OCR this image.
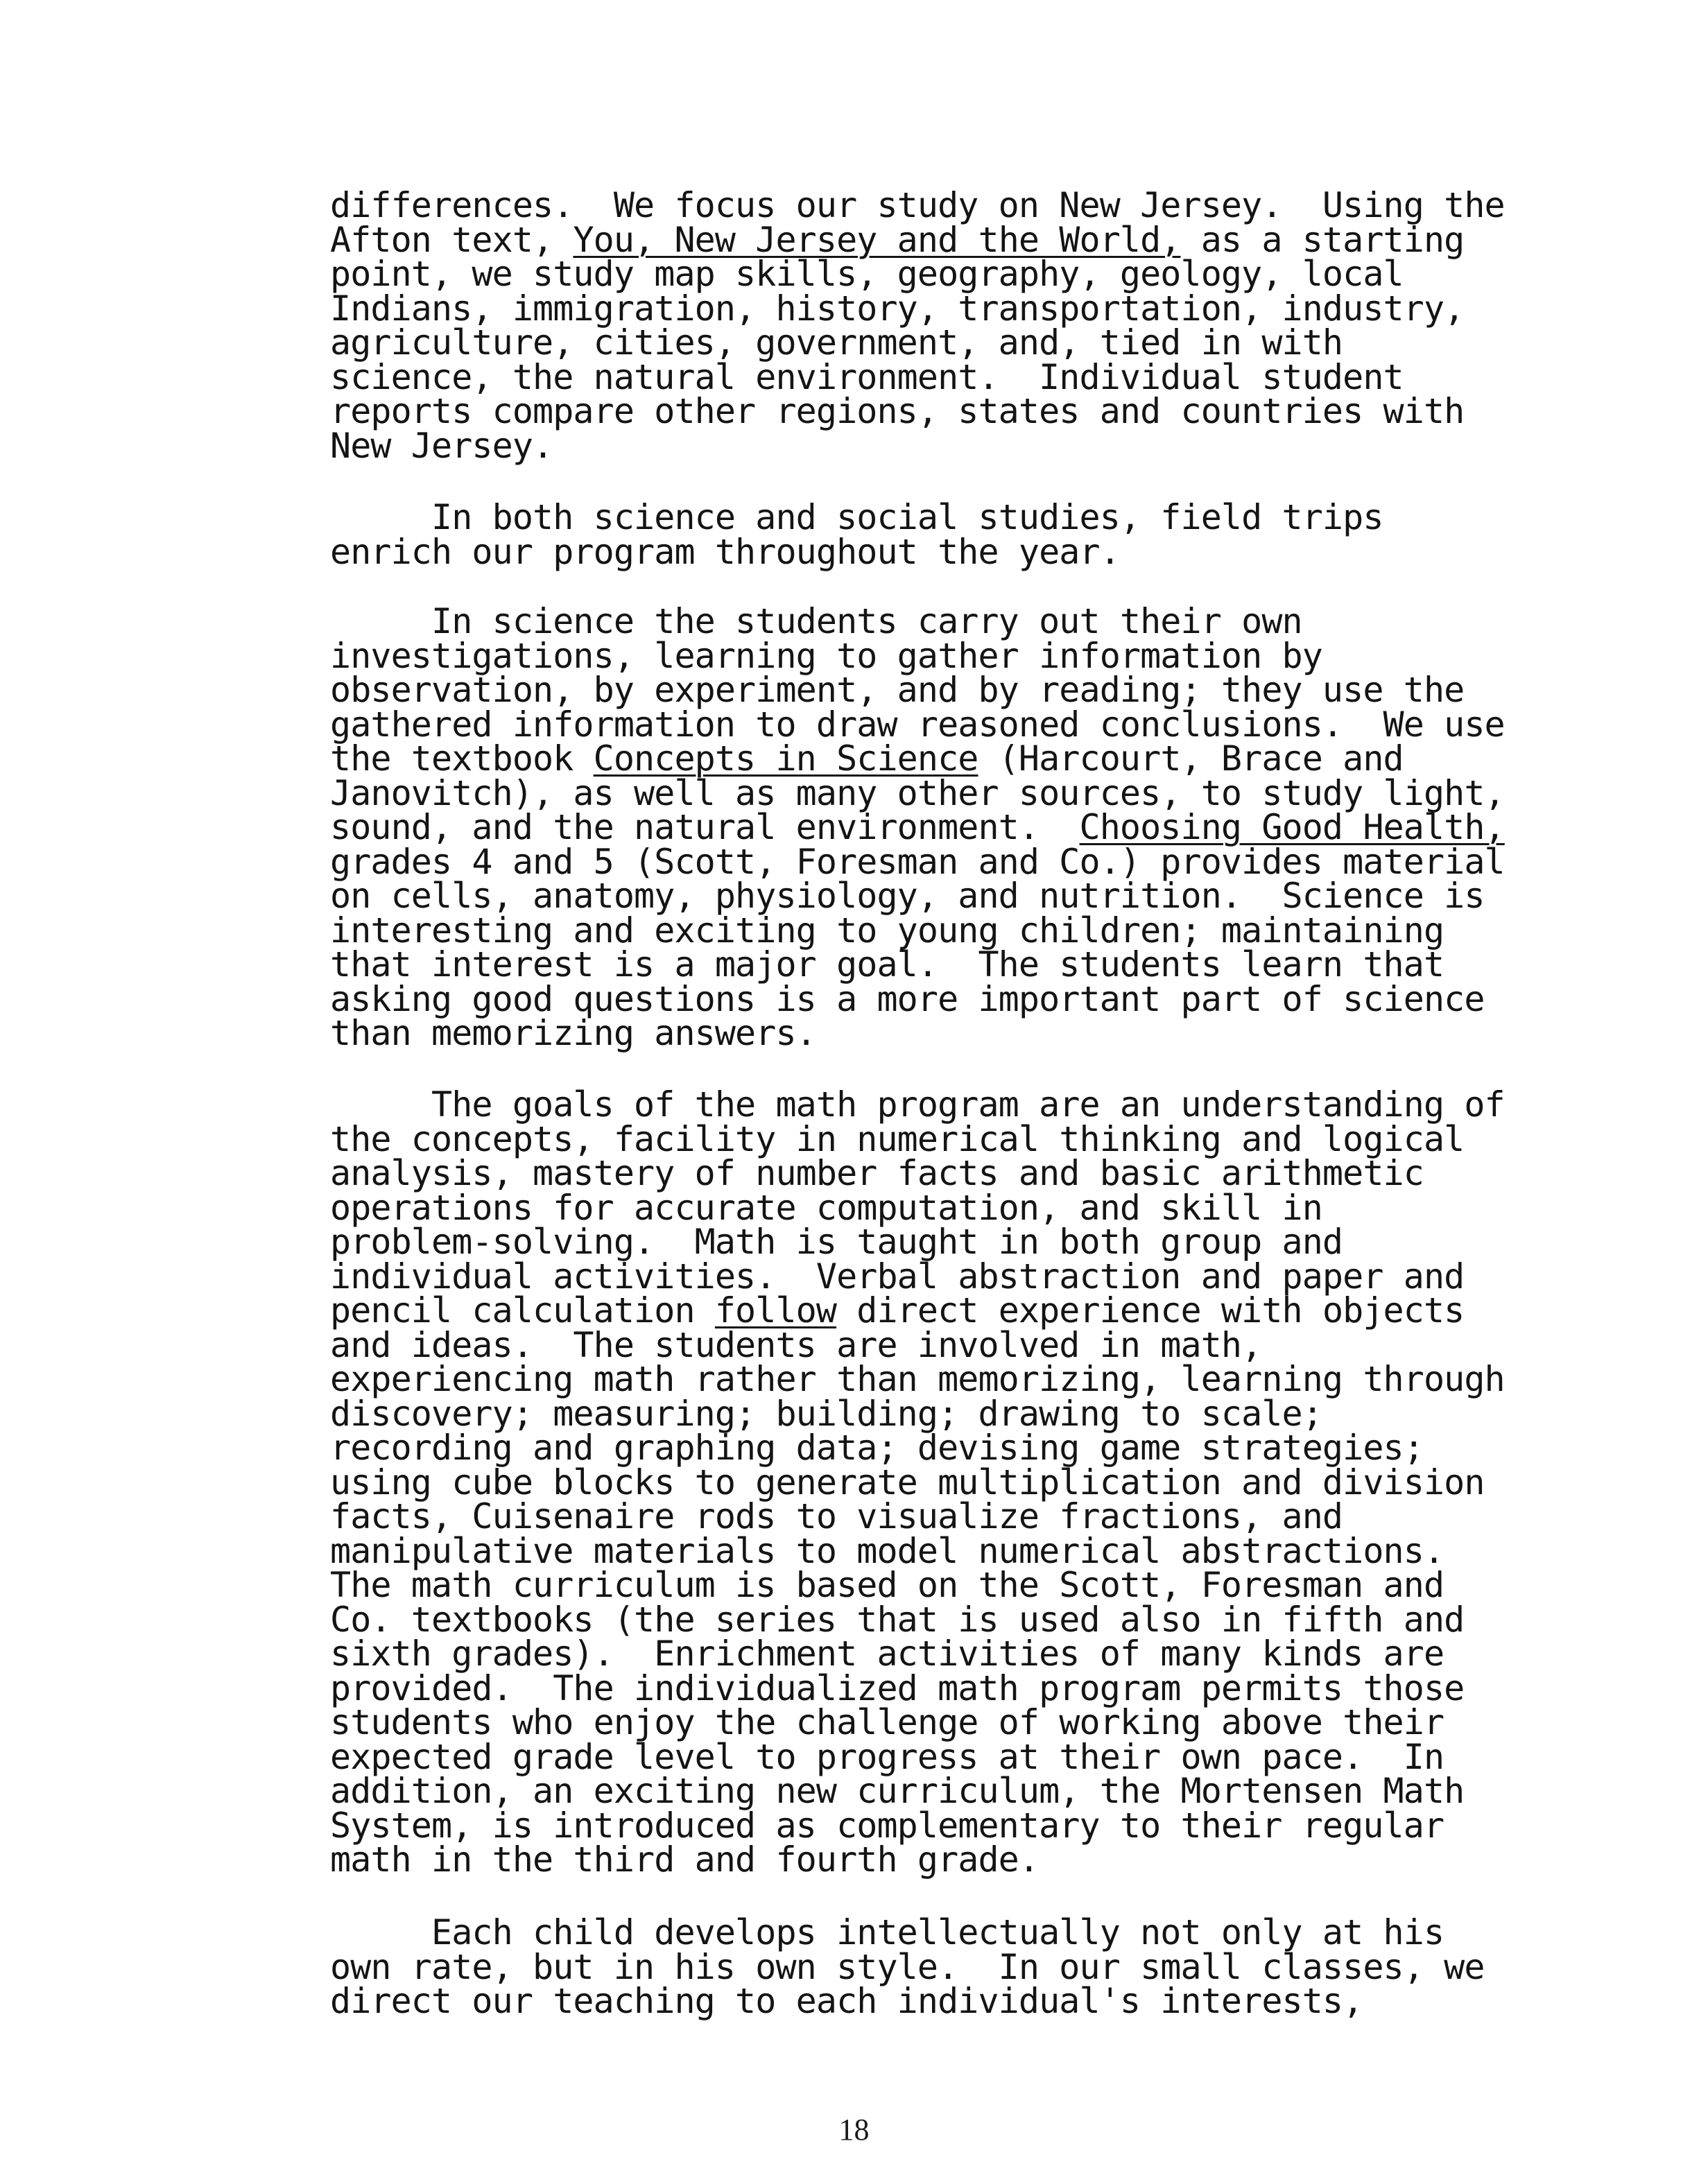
differences.  We focus our study on New Jersey.  Using the
Afton text, You, New Jersey and the World, as a starting
point, we study map skills, geography, geology, local
Indians, immigration, history, transportation, industry,
agriculture, cities, government, and, tied in with
science, the natural environment.  Individual student
reports compare other regions, states and countries with
New Jersey.
In both science and social studies, field trips
enrich our program throughout the year.
In science the students carry out their own
investigations, learning to gather information by
observation, by experiment, and by reading; they use the
gathered information to draw reasoned conclusions.  We use
the textbook Concepts in Science (Harcourt, Brace and
Janovitch), as well as many other sources, to study light,
sound, and the natural environment.  Choosing Good Health,
grades 4 and 5 (Scott, Foresman and Co.) provides material
on cells, anatomy, physiology, and nutrition.  Science is
interesting and exciting to young children; maintaining
that interest is a major goal.  The students learn that
asking good questions is a more important part of science
than memorizing answers.
The goals of the math program are an understanding of
the concepts, facility in numerical thinking and logical
analysis, mastery of number facts and basic arithmetic
operations for accurate computation, and skill in
problem-solving.  Math is taught in both group and
individual activities.  Verbal abstraction and paper and
pencil calculation follow direct experience with objects
and ideas.  The students are involved in math,
experiencing math rather than memorizing, learning through
discovery; measuring; building; drawing to scale;
recording and graphing data; devising game strategies;
using cube blocks to generate multiplication and division
facts, Cuisenaire rods to visualize fractions, and
manipulative materials to model numerical abstractions.
The math curriculum is based on the Scott, Foresman and
Co. textbooks (the series that is used also in fifth and
sixth grades).  Enrichment activities of many kinds are
provided.  The individualized math program permits those
students who enjoy the challenge of working above their
expected grade level to progress at their own pace.  In
addition, an exciting new curriculum, the Mortensen Math
System, is introduced as complementary to their regular
math in the third and fourth grade.
Each child develops intellectually not only at his
own rate, but in his own style.  In our small classes, we
direct our teaching to each individual's interests,
18
